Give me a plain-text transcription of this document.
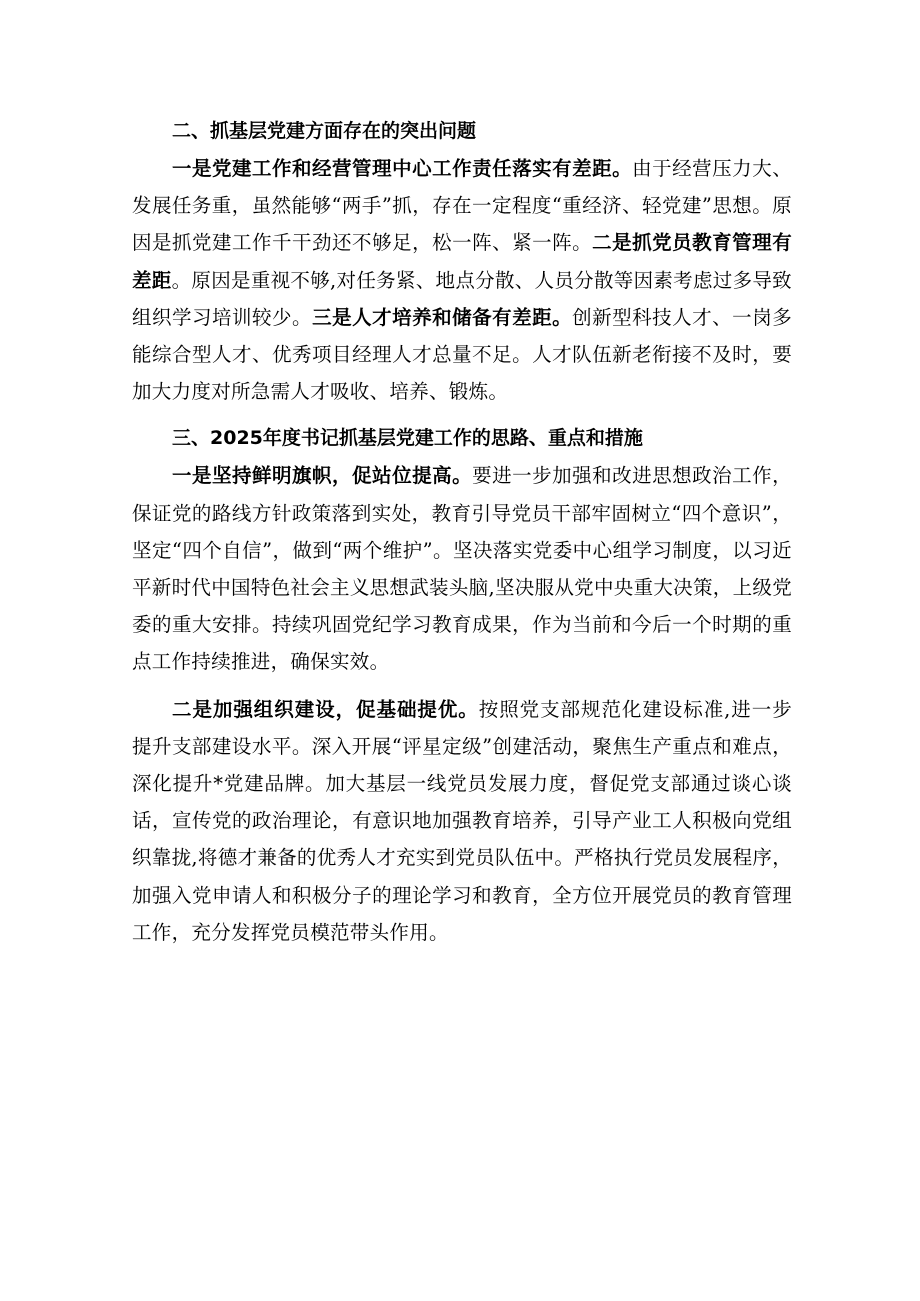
二、抓基层党建方面存在的突出问题

一是党建工作和经营管理中心工作责任落实有差距。由于经营压力大、发展任务重，虽然能够“两手”抓，存在一定程度“重经济、轻党建”思想。原因是抓党建工作千干劲还不够足，松一阵、紧一阵。二是抓党员教育管理有差距。原因是重视不够,对任务紧、地点分散、人员分散等因素考虑过多导致组织学习培训较少。三是人才培养和储备有差距。创新型科技人才、一岗多能综合型人才、优秀项目经理人才总量不足。人才队伍新老衔接不及时，要加大力度对所急需人才吸收、培养、锻炼。

三、2025年度书记抓基层党建工作的思路、重点和措施

一是坚持鲜明旗帜，促站位提高。要进一步加强和改进思想政治工作，保证党的路线方针政策落到实处，教育引导党员干部牢固树立“四个意识”，坚定“四个自信”，做到“两个维护”。坚决落实党委中心组学习制度，以习近平新时代中国特色社会主义思想武装头脑,坚决服从党中央重大决策，上级党委的重大安排。持续巩固党纪学习教育成果，作为当前和今后一个时期的重点工作持续推进，确保实效。

二是加强组织建设，促基础提优。按照党支部规范化建设标准,进一步提升支部建设水平。深入开展“评星定级”创建活动，聚焦生产重点和难点，深化提升*党建品牌。加大基层一线党员发展力度，督促党支部通过谈心谈话，宣传党的政治理论，有意识地加强教育培养，引导产业工人积极向党组织靠拢,将德才兼备的优秀人才充实到党员队伍中。严格执行党员发展程序，加强入党申请人和积极分子的理论学习和教育，全方位开展党员的教育管理工作，充分发挥党员模范带头作用。
